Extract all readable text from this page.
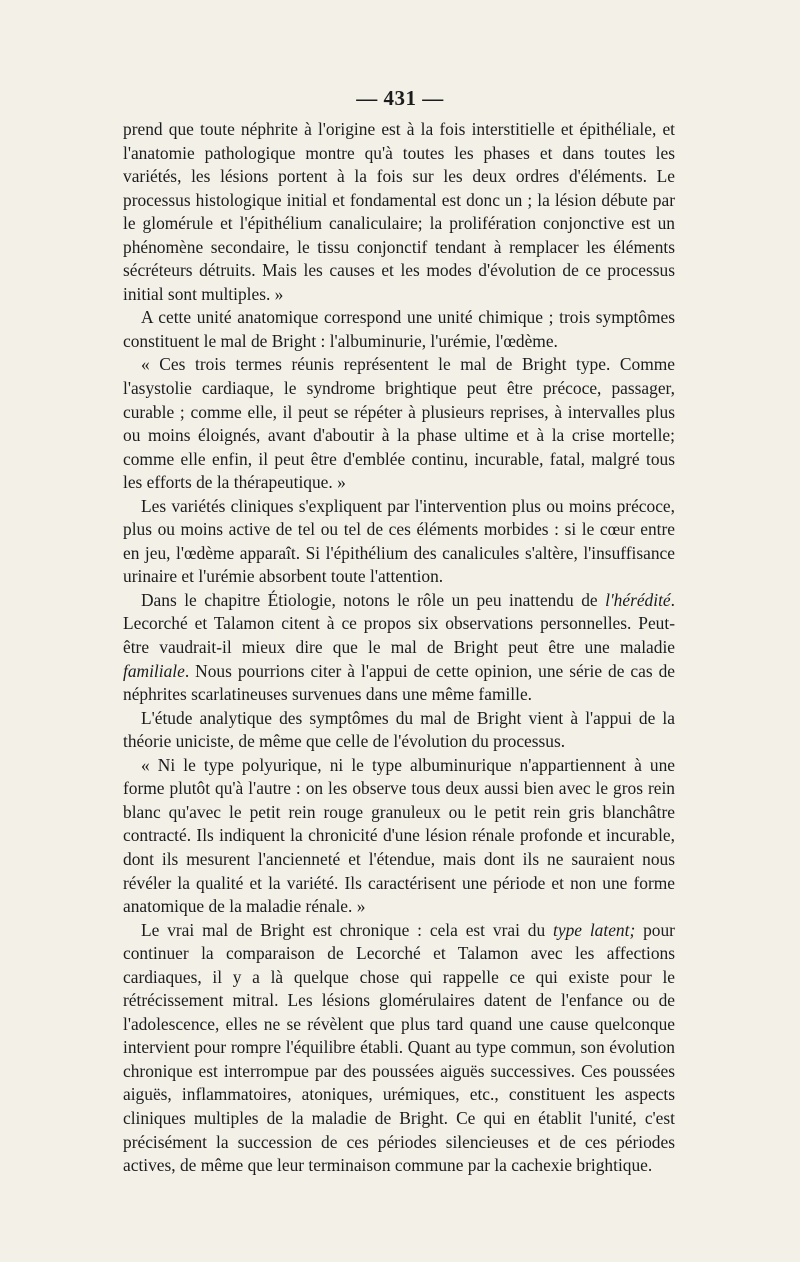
— 431 —

prend que toute néphrite à l'origine est à la fois interstitielle et épithéliale, et l'anatomie pathologique montre qu'à toutes les phases et dans toutes les variétés, les lésions portent à la fois sur les deux ordres d'éléments. Le processus histologique initial et fondamental est donc un ; la lésion débute par le glomérule et l'épithélium canaliculaire; la prolifération conjonctive est un phénomène secondaire, le tissu conjonctif tendant à remplacer les éléments sécréteurs détruits. Mais les causes et les modes d'évolution de ce processus initial sont multiples. »

A cette unité anatomique correspond une unité chimique ; trois symptômes constituent le mal de Bright : l'albuminurie, l'urémie, l'œdème.

« Ces trois termes réunis représentent le mal de Bright type. Comme l'asystolie cardiaque, le syndrome brightique peut être précoce, passager, curable ; comme elle, il peut se répéter à plusieurs reprises, à intervalles plus ou moins éloignés, avant d'aboutir à la phase ultime et à la crise mortelle; comme elle enfin, il peut être d'emblée continu, incurable, fatal, malgré tous les efforts de la thérapeutique. »

Les variétés cliniques s'expliquent par l'intervention plus ou moins précoce, plus ou moins active de tel ou tel de ces éléments morbides : si le cœur entre en jeu, l'œdème apparaît. Si l'épithélium des canalicules s'altère, l'insuffisance urinaire et l'urémie absorbent toute l'attention.

Dans le chapitre Étiologie, notons le rôle un peu inattendu de l'hérédité. Lecorché et Talamon citent à ce propos six observations personnelles. Peut-être vaudrait-il mieux dire que le mal de Bright peut être une maladie familiale. Nous pourrions citer à l'appui de cette opinion, une série de cas de néphrites scarlatineuses survenues dans une même famille.

L'étude analytique des symptômes du mal de Bright vient à l'appui de la théorie uniciste, de même que celle de l'évolution du processus.

« Ni le type polyurique, ni le type albuminurique n'appartiennent à une forme plutôt qu'à l'autre : on les observe tous deux aussi bien avec le gros rein blanc qu'avec le petit rein rouge granuleux ou le petit rein gris blanchâtre contracté. Ils indiquent la chronicité d'une lésion rénale profonde et incurable, dont ils mesurent l'ancienneté et l'étendue, mais dont ils ne sauraient nous révéler la qualité et la variété. Ils caractérisent une période et non une forme anatomique de la maladie rénale. »

Le vrai mal de Bright est chronique : cela est vrai du type latent; pour continuer la comparaison de Lecorché et Talamon avec les affections cardiaques, il y a là quelque chose qui rappelle ce qui existe pour le rétrécissement mitral. Les lésions glomérulaires datent de l'enfance ou de l'adolescence, elles ne se révèlent que plus tard quand une cause quelconque intervient pour rompre l'équilibre établi. Quant au type commun, son évolution chronique est interrompue par des poussées aiguës successives. Ces poussées aiguës, inflammatoires, atoniques, urémiques, etc., constituent les aspects cliniques multiples de la maladie de Bright. Ce qui en établit l'unité, c'est précisément la succession de ces périodes silencieuses et de ces périodes actives, de même que leur terminaison commune par la cachexie brightique.
